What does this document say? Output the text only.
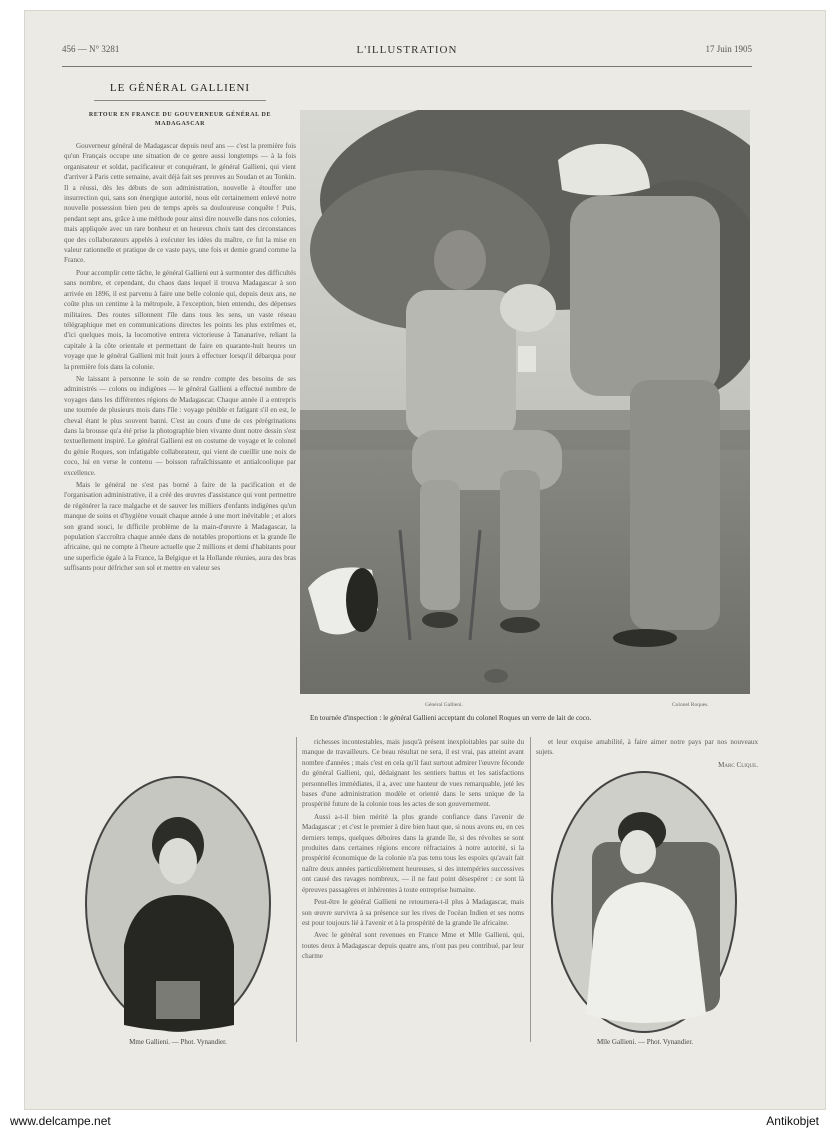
456 — N° 3281	L'ILLUSTRATION	17 Juin 1905
LE GÉNÉRAL GALLIENI
RETOUR EN FRANCE DU GOUVERNEUR GÉNÉRAL DE MADAGASCAR

Gouverneur général de Madagascar depuis neuf ans — c'est la première fois qu'un Français occupe une situation de ce genre aussi longtemps — à la fois organisateur et soldat, pacificateur et conquérant, le général Gallieni, qui vient d'arriver à Paris cette semaine, avait déjà fait ses preuves au Soudan et au Tonkin. Il a réussi, dès les débuts de son administration, nouvelle à étouffer une insurrection qui, sans son énergique autorité, nous eût certainement enlevé notre nouvelle possession bien peu de temps après sa douloureuse conquête ! Puis, pendant sept ans, grâce à une méthode pour ainsi dire nouvelle dans nos colonies, mais appliquée avec un rare bonheur et un heureux choix tant des circonstances que des collaborateurs appelés à exécuter les idées du maître, ce fut la mise en valeur rationnelle et pratique de ce vaste pays, une fois et demie grand comme la France.

Pour accomplir cette tâche, le général Gallieni eut à surmonter des difficultés sans nombre, et cependant, du chaos dans lequel il trouva Madagascar à son arrivée en 1896, il est parvenu à faire une belle colonie qui, depuis deux ans, ne coûte plus un centime à la métropole, à l'exception, bien entendu, des dépenses militaires. Des routes sillonnent l'île dans tous les sens, un vaste réseau télégraphique met en communications directes les points les plus extrêmes et, d'ici quelques mois, la locomotive entrera victorieuse à Tananarive, reliant la capitale à la côte orientale et permettant de faire en quarante-huit heures un voyage que le général Gallieni mit huit jours à effectuer lorsqu'il débarqua pour la première fois dans la colonie.

Ne laissant à personne le soin de se rendre compte des besoins de ses administrés — colons ou indigènes — le général Gallieni a effectué nombre de voyages dans les différentes régions de Madagascar. Chaque année il a entrepris une tournée de plusieurs mois dans l'île : voyage pénible et fatigant s'il en est, le cheval étant le plus souvent banni. C'est au cours d'une de ces pérégrinations dans la brousse qu'a été prise la photographie bien vivante dont notre dessin s'est textuellement inspiré. Le général Gallieni est en costume de voyage et le colonel du génie Roques, son infatigable collaborateur, qui vient de cueillir une noix de coco, lui en verse le contenu — boisson rafraîchissante et antialcoolique par excellence.

Mais le général ne s'est pas borné à faire de la pacification et de l'organisation administrative, il a créé des œuvres d'assistance qui vont permettre de régénérer la race malgache et de sauver les milliers d'enfants indigènes qu'un manque de soins et d'hygiène vouait chaque année à une mort inévitable ; et alors son grand souci, le difficile problème de la main-d'œuvre à Madagascar, la population s'accroîtra chaque année dans de notables proportions et la grande île africaine, qui ne compte à l'heure actuelle que 2 millions et demi d'habitants pour une superficie égale à la France, la Belgique et la Hollande réunies, aura des bras suffisants pour défricher son sol et mettre en valeur ses

Général Gallieni.	Colonel Roques.
En tournée d'inspection : le général Gallieni acceptant du colonel Roques un verre de lait de coco.

richesses incontestables, mais jusqu'à présent inexploitables par suite du manque de travailleurs. Ce beau résultat ne sera, il est vrai, pas atteint avant nombre d'années ; mais c'est en cela qu'il faut surtout admirer l'œuvre féconde du général Gallieni, qui, dédaignant les sentiers battus et les satisfactions personnelles immédiates, il a, avec une hauteur de vues remarquable, jeté les bases d'une administration modèle et orienté dans le sens unique de la prospérité future de la colonie tous les actes de son gouvernement.

Aussi a-t-il bien mérité la plus grande confiance dans l'avenir de Madagascar ; et c'est le premier à dire bien haut que, si nous avons eu, en ces derniers temps, quelques déboires dans la grande île, si des révoltes se sont produites dans certaines régions encore réfractaires à notre autorité, si la prospérité économique de la colonie n'a pas tenu tous les espoirs qu'avait fait naître deux années particulièrement heureuses, si des intempéries successives ont causé des ravages nombreux, — il ne faut point désespérer : ce sont là épreuves passagères et inhérentes à toute entreprise humaine.

Peut-être le général Gallieni ne retournera-t-il plus à Madagascar, mais son œuvre survivra à sa présence sur les rives de l'océan Indien et ses noms est pour toujours lié à l'avenir et à la prospérité de la grande île africaine.

Avec le général sont revenues en France Mme et Mlle Gallieni, qui, toutes deux à Madagascar depuis quatre ans, n'ont pas peu contribué, par leur charme

et leur exquise amabilité, à faire aimer notre pays par nos nouveaux sujets.

Marc Clique.
Mme Gallieni. — Phot. Vynandier.	Mlle Gallieni. — Phot. Vynandier.
www.delcampe.net	Antikobjet
